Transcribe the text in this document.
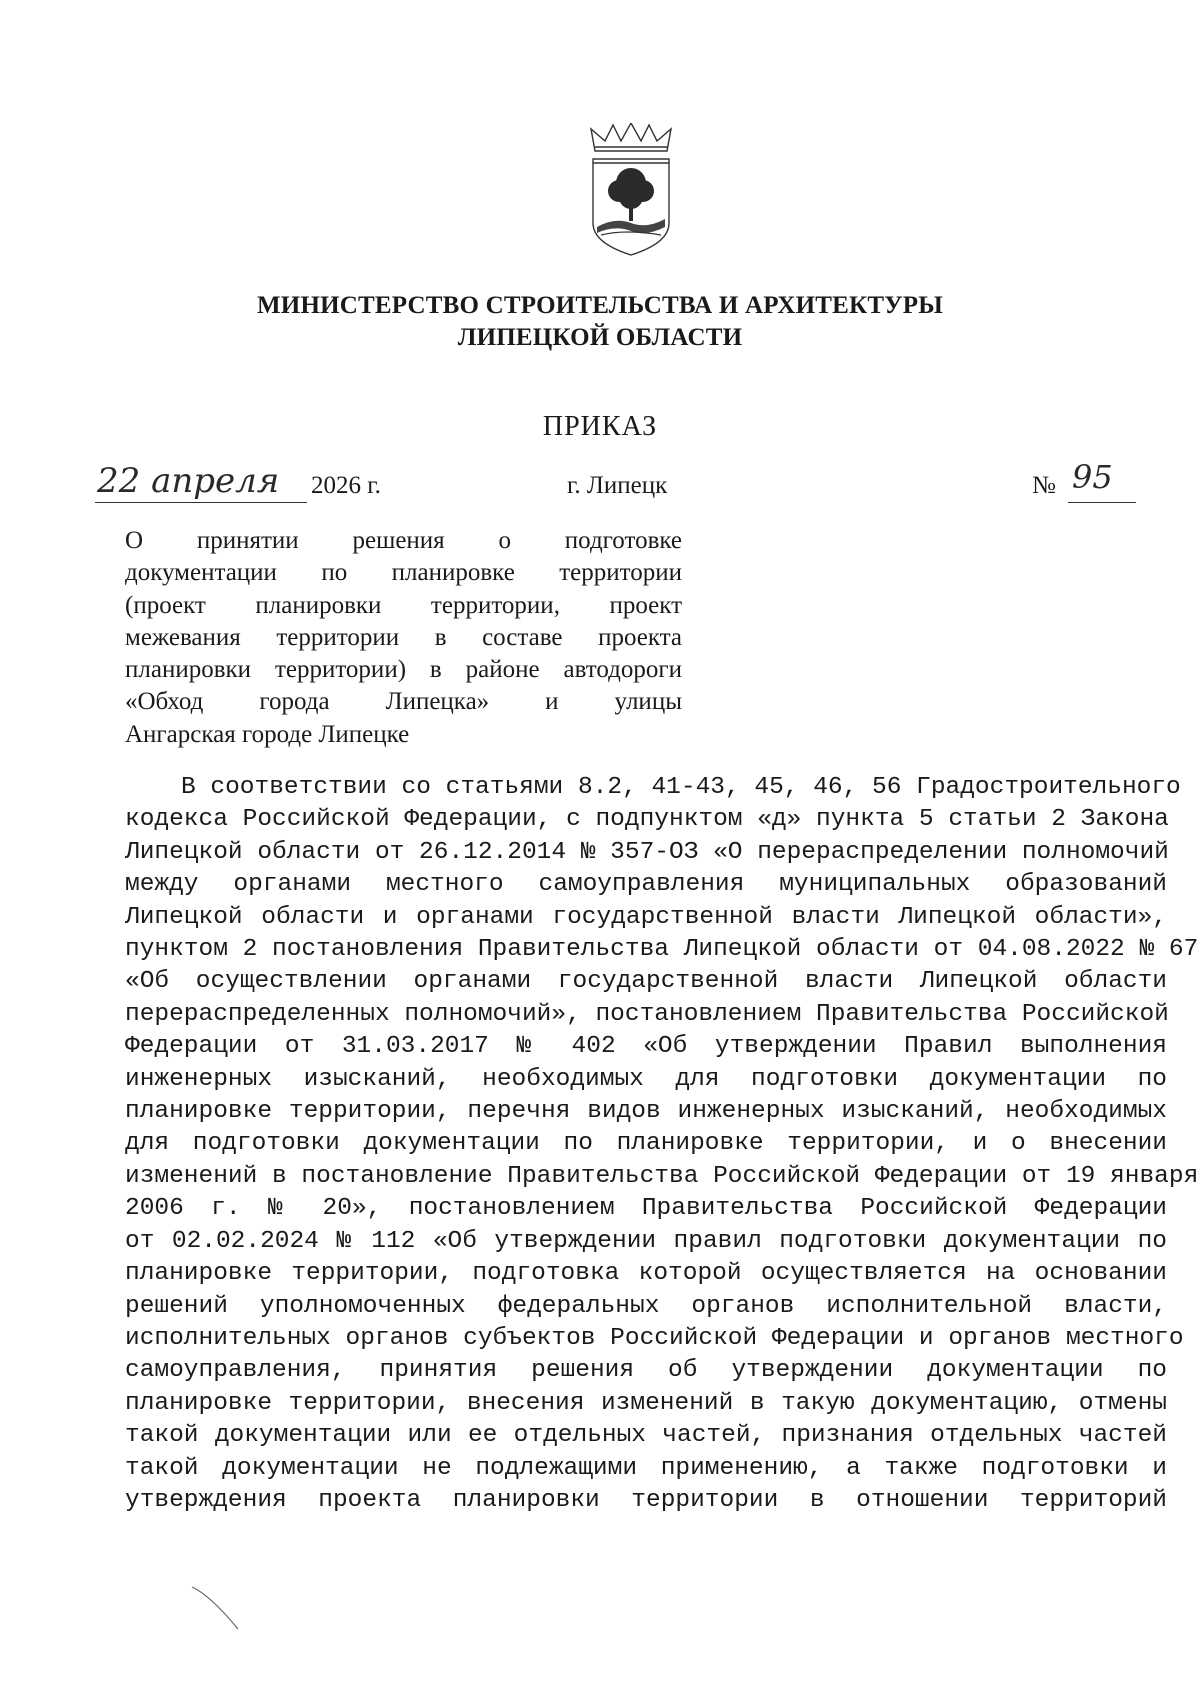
МИНИСТЕРСТВО СТРОИТЕЛЬСТВА И АРХИТЕКТУРЫ
ЛИПЕЦКОЙ ОБЛАСТИ
ПРИКАЗ
22 апреля 2026 г.	г. Липецк	№ 95
О принятии решения о подготовке
документации по планировке территории
(проект планировки территории, проект
межевания территории в составе проекта
планировки территории) в районе автодороги
«Обход города Липецка» и улицы
Ангарская городе Липецке
В соответствии со статьями 8.2, 41-43, 45, 46, 56 Градостроительного
кодекса Российской Федерации, с подпунктом «д» пункта 5 статьи 2 Закона
Липецкой области от 26.12.2014 № 357-ОЗ «О перераспределении полномочий
между органами местного самоуправления муниципальных образований
Липецкой области и органами государственной власти Липецкой области»,
пунктом 2 постановления Правительства Липецкой области от 04.08.2022 № 67
«Об осуществлении органами государственной власти Липецкой области
перераспределенных полномочий», постановлением Правительства Российской
Федерации от 31.03.2017 № 402 «Об утверждении Правил выполнения
инженерных изысканий, необходимых для подготовки документации по
планировке территории, перечня видов инженерных изысканий, необходимых
для подготовки документации по планировке территории, и о внесении
изменений в постановление Правительства Российской Федерации от 19 января
2006 г. № 20», постановлением Правительства Российской Федерации
от 02.02.2024 № 112 «Об утверждении правил подготовки документации по
планировке территории, подготовка которой осуществляется на основании
решений уполномоченных федеральных органов исполнительной власти,
исполнительных органов субъектов Российской Федерации и органов местного
самоуправления, принятия решения об утверждении документации по
планировке территории, внесения изменений в такую документацию, отмены
такой документации или ее отдельных частей, признания отдельных частей
такой документации не подлежащими применению, а также подготовки и
утверждения проекта планировки территории в отношении территорий
